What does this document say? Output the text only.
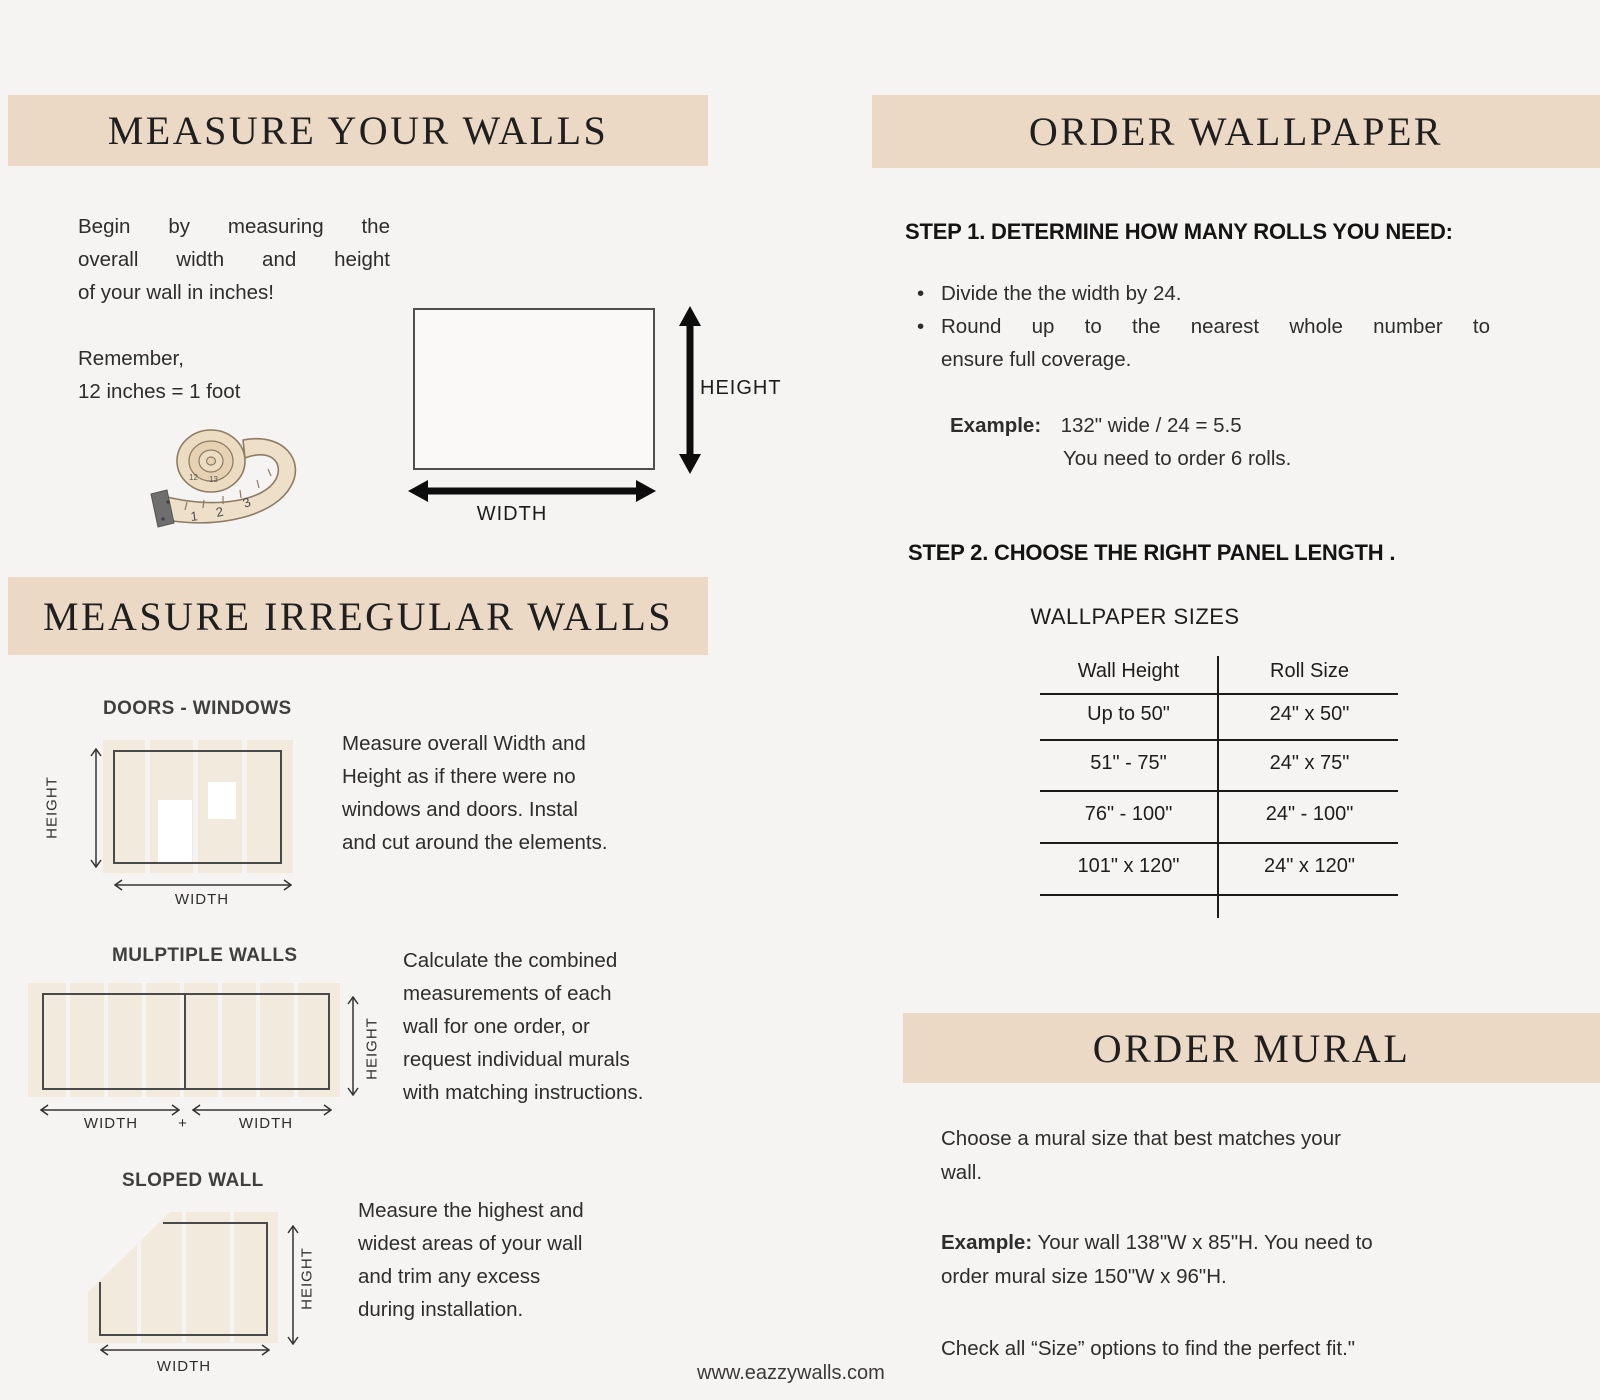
MEASURE YOUR WALLS
Begin by measuring the
overall width and height
of your wall in inches!
Remember,
12 inches = 1 foot
1 2
3
12 13
HEIGHT
WIDTH
MEASURE IRREGULAR WALLS
DOORS - WINDOWS
HEIGHT
WIDTH
Measure overall Width and
Height as if there were no
windows and doors. Instal
and cut around the elements.
MULPTIPLE WALLS
HEIGHT
WIDTH	+	WIDTH
Calculate the combined
measurements of each
wall for one order, or
request individual murals
with matching instructions.
SLOPED WALL
HEIGHT
WIDTH
Measure the highest and
widest areas of your wall
and trim any excess
during installation.
ORDER WALLPAPER
STEP 1. DETERMINE HOW MANY ROLLS YOU NEED:
• Divide the the width by 24.
• Round up to the nearest whole number to
ensure full coverage.
Example: 132" wide / 24 = 5.5
You need to order 6 rolls.
STEP 2. CHOOSE THE RIGHT PANEL LENGTH .
WALLPAPER SIZES
Wall Height	Roll Size
Up to 50"	24" x 50"
51" - 75"	24" x 75"
76" - 100"	24" - 100"
101" x 120"	24" x 120"
ORDER MURAL
Choose a mural size that best matches your
wall.
Example: Your wall 138"W x 85"H. You need to
order mural size 150"W x 96"H.
Check all “Size” options to find the perfect fit."
www.eazzywalls.com
